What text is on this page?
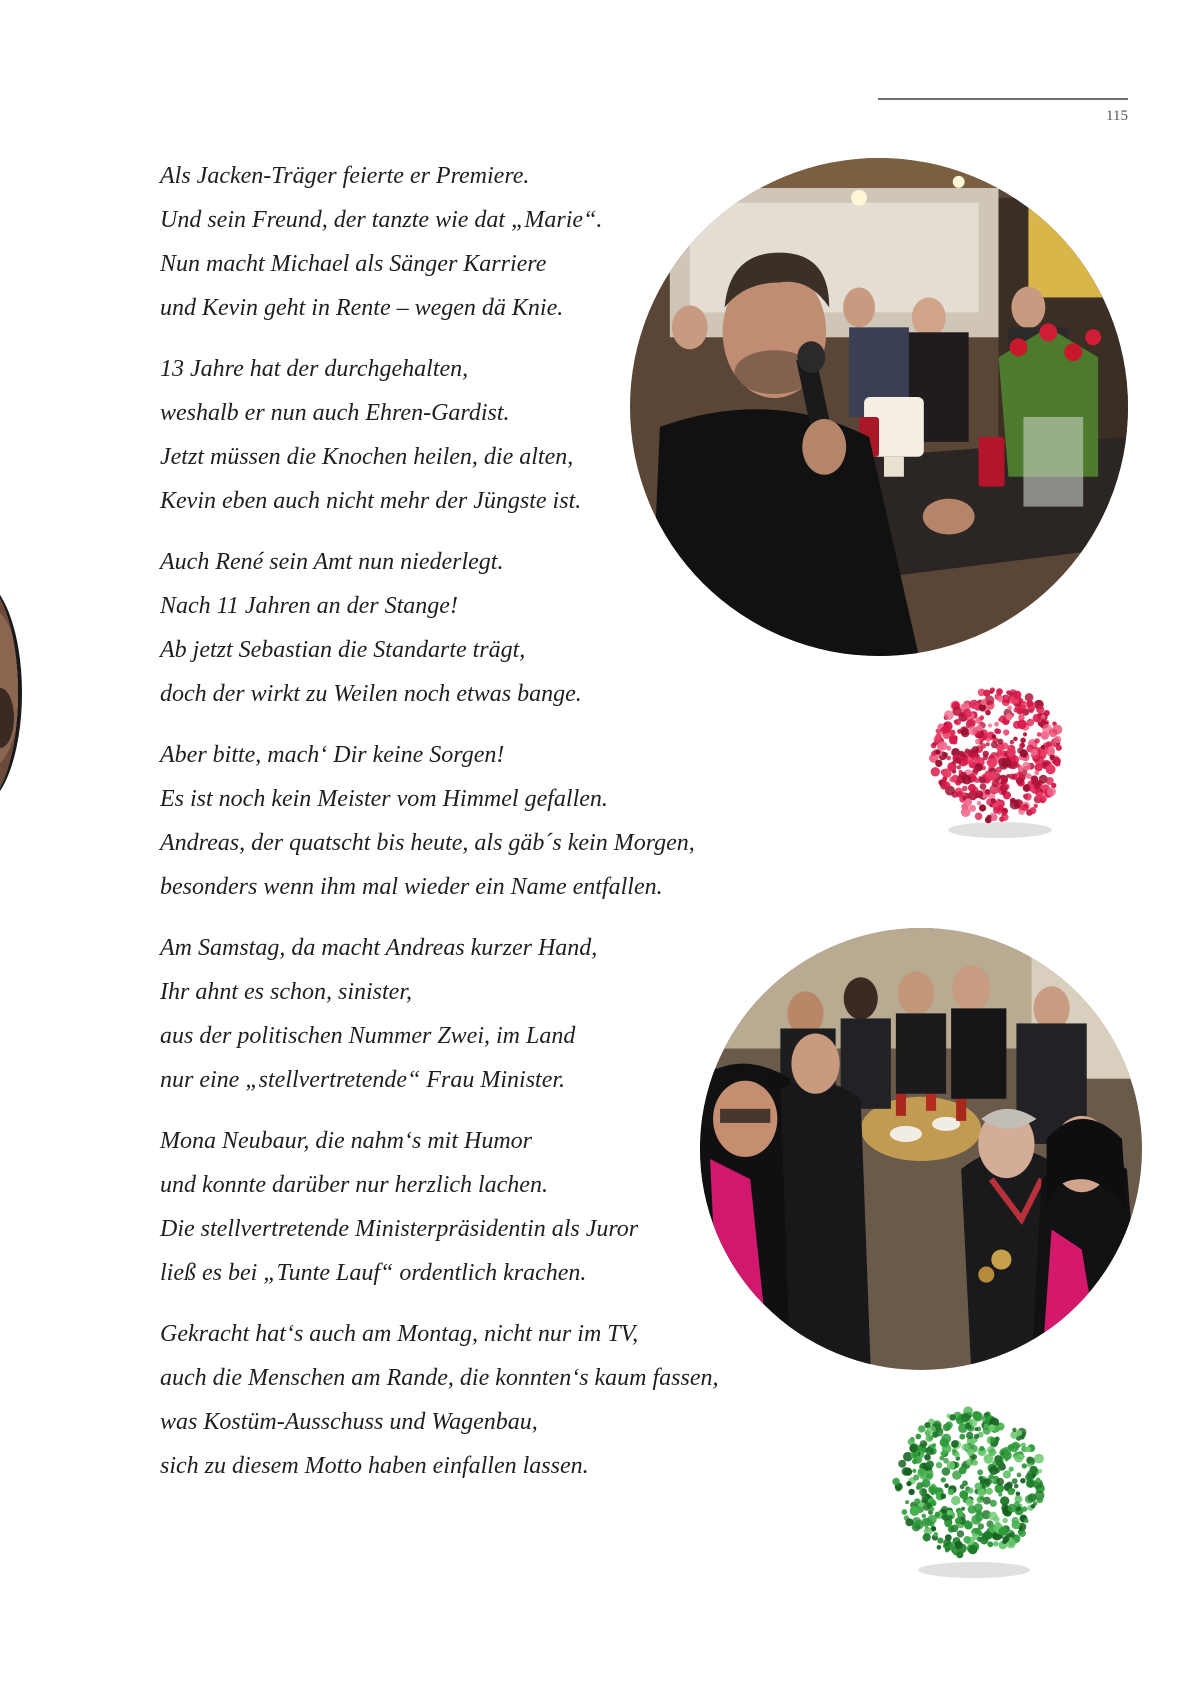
115
Als Jacken-Träger feierte er Premiere.
Und sein Freund, der tanzte wie dat „Marie“.
Nun macht Michael als Sänger Karriere
und Kevin geht in Rente – wegen dä Knie.
13 Jahre hat der durchgehalten,
weshalb er nun auch Ehren-Gardist.
Jetzt müssen die Knochen heilen, die alten,
Kevin eben auch nicht mehr der Jüngste ist.
Auch René sein Amt nun niederlegt.
Nach 11 Jahren an der Stange!
Ab jetzt Sebastian die Standarte trägt,
doch der wirkt zu Weilen noch etwas bange.
Aber bitte, mach‘ Dir keine Sorgen!
Es ist noch kein Meister vom Himmel gefallen.
Andreas, der quatscht bis heute, als gäb´s kein Morgen,
besonders wenn ihm mal wieder ein Name entfallen.
Am Samstag, da macht Andreas kurzer Hand,
Ihr ahnt es schon, sinister,
aus der politischen Nummer Zwei, im Land
nur eine „stellvertretende“ Frau Minister.
Mona Neubaur, die nahm‘s mit Humor
und konnte darüber nur herzlich lachen.
Die stellvertretende Ministerpräsidentin als Juror
ließ es bei „Tunte Lauf“ ordentlich krachen.
Gekracht hat‘s auch am Montag, nicht nur im TV,
auch die Menschen am Rande, die konnten‘s kaum fassen,
was Kostüm-Ausschuss und Wagenbau,
sich zu diesem Motto haben einfallen lassen.
